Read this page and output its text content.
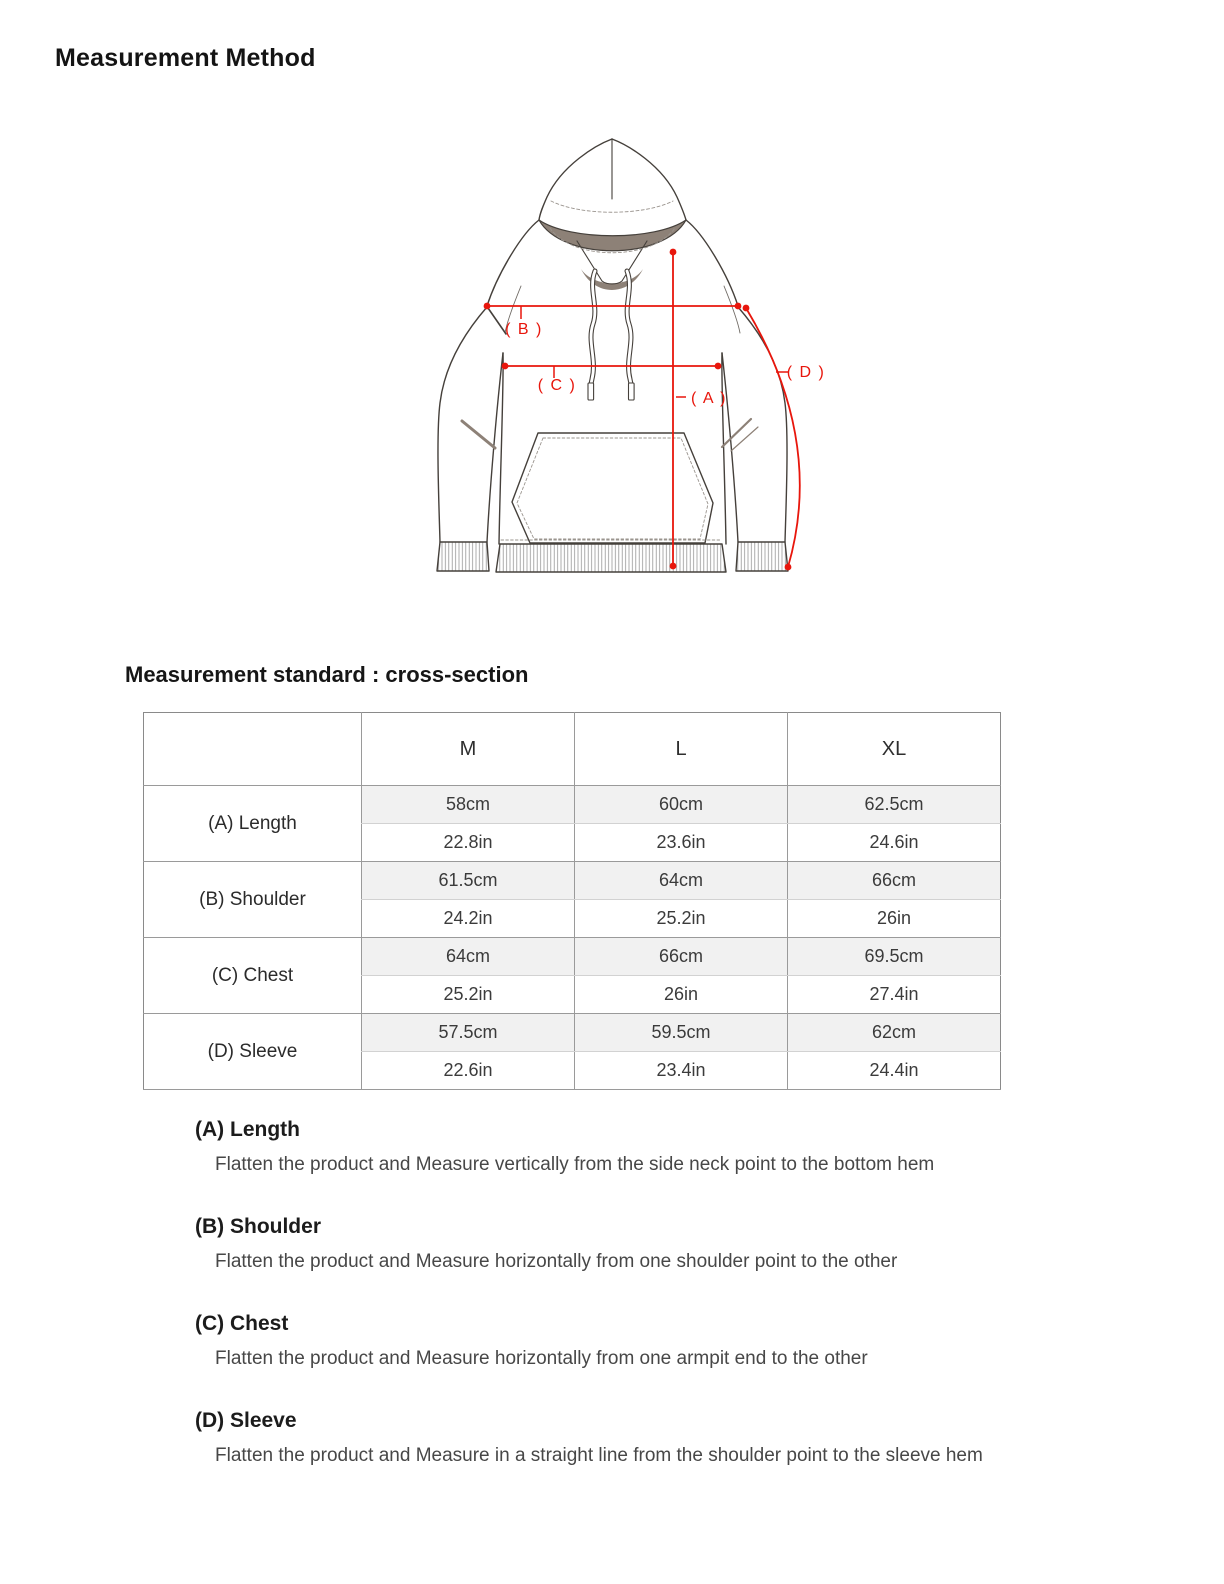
Measurement Method
( B )
( C )
( A )
( D )
Measurement standard : cross-section
	M	L	XL
(A) Length	58cm	60cm	62.5cm
	22.8in	23.6in	24.6in
(B) Shoulder	61.5cm	64cm	66cm
	24.2in	25.2in	26in
(C) Chest	64cm	66cm	69.5cm
	25.2in	26in	27.4in
(D) Sleeve	57.5cm	59.5cm	62cm
	22.6in	23.4in	24.4in
(A) Length

Flatten the product and Measure vertically from the side neck point to the bottom hem

(B) Shoulder

Flatten the product and Measure horizontally from one shoulder point to the other

(C) Chest

Flatten the product and Measure horizontally from one armpit end to the other

(D) Sleeve

Flatten the product and Measure in a straight line from the shoulder point to the sleeve hem
